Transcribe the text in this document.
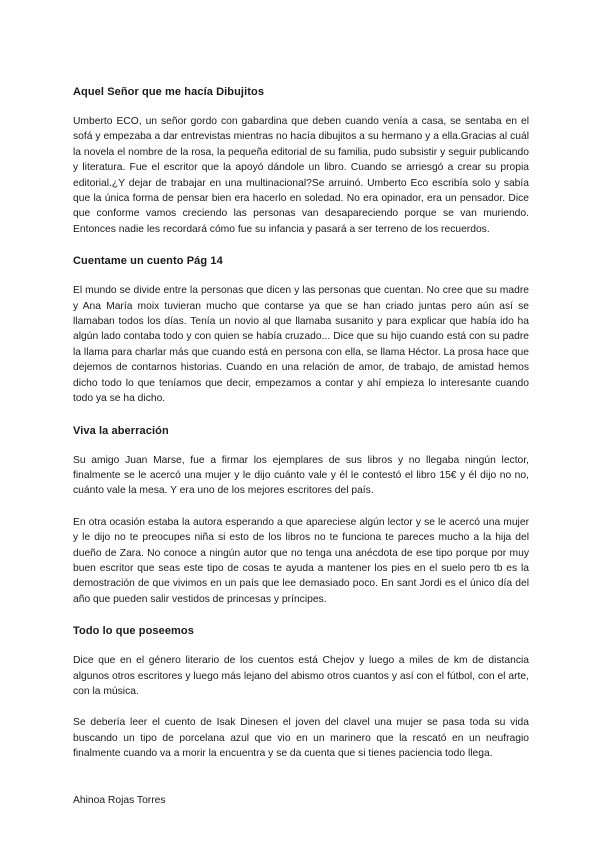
Aquel Señor que me hacía Dibujitos

Umberto ECO, un señor gordo con gabardina que deben cuando venía a casa, se sentaba en el sofá y empezaba a dar entrevistas mientras no hacía dibujitos a su hermano y a ella.Gracias al cuál la novela el nombre de la rosa, la pequeña editorial de su familia, pudo subsistir y seguir publicando y literatura. Fue el escritor que la apoyó dándole un libro. Cuando se arriesgó a crear su propia editorial.¿Y dejar de trabajar en una multinacional?Se arruinó. Umberto Eco escribía solo y sabía que la única forma de pensar bien era hacerlo en soledad. No era opinador, era un pensador. Dice que conforme vamos creciendo las personas van desapareciendo porque se van muriendo. Entonces nadie les recordará cómo fue su infancia y pasará a ser terreno de los recuerdos.

Cuentame un cuento Pág 14

El mundo se divide entre la personas que dicen y las personas que cuentan. No cree que su madre y Ana María moix tuvieran mucho que contarse ya que se han criado juntas pero aún así se llamaban todos los días. Tenía un novio al que llamaba susanito y para explicar que había ido ha algún lado contaba todo y con quien se había cruzado... Dice que su hijo cuando está con su padre la llama para charlar más que cuando está en persona con ella, se llama Héctor. La prosa hace que dejemos de contarnos historias. Cuando en una relación de amor, de trabajo, de amistad hemos dicho todo lo que teníamos que decir, empezamos a contar y ahí empieza lo interesante cuando todo ya se ha dicho.

Viva la aberración

Su amigo Juan Marse, fue a firmar los ejemplares de sus libros y no llegaba ningún lector, finalmente se le acercó una mujer y le dijo cuánto vale y él le contestó el libro 15€ y él dijo no no, cuánto vale la mesa. Y era uno de los mejores escritores del país.

En otra ocasión estaba la autora esperando a que apareciese algún lector y se le acercó una mujer y le dijo no te preocupes niña si esto de los libros no te funciona te pareces mucho a la hija del dueño de Zara. No conoce a ningún autor que no tenga una anécdota de ese tipo porque por muy buen escritor que seas este tipo de cosas te ayuda a mantener los pies en el suelo pero tb es la demostración de que vivimos en un país que lee demasiado poco. En sant Jordi es el único día del año que pueden salir vestidos de princesas y príncipes.

Todo lo que poseemos

Dice que en el género literario de los cuentos está Chejov y luego a miles de km de distancia algunos otros escritores y luego más lejano del abismo otros cuantos y así con el fútbol, con el arte, con la música.

Se debería leer el cuento de Isak Dinesen el joven del clavel una mujer se pasa toda su vida buscando un tipo de porcelana azul que vio en un marinero que la rescató en un neufragio finalmente cuando va a morir la encuentra y se da cuenta que si tienes paciencia todo llega.

Ahinoa Rojas Torres
